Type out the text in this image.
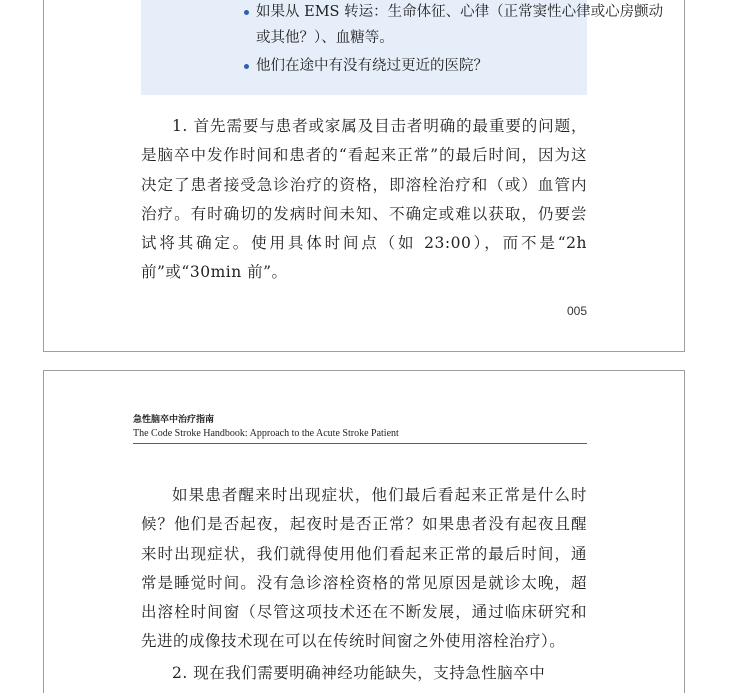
如果从 EMS 转运：生命体征、心律（正常窦性心律或心房颤动或其他？）、血糖等。
他们在途中有没有绕过更近的医院？

1. 首先需要与患者或家属及目击者明确的最重要的问题，是脑卒中发作时间和患者的“看起来正常”的最后时间，因为这决定了患者接受急诊治疗的资格，即溶栓治疗和（或）血管内治疗。有时确切的发病时间未知、不确定或难以获取，仍要尝试将其确定。使用具体时间点（如 23:00），而不是“2h 前”或“30min 前”。

005
急性脑卒中治疗指南
The Code Stroke Handbook: Approach to the Acute Stroke Patient

如果患者醒来时出现症状，他们最后看起来正常是什么时候？他们是否起夜，起夜时是否正常？如果患者没有起夜且醒来时出现症状，我们就得使用他们看起来正常的最后时间，通常是睡觉时间。没有急诊溶栓资格的常见原因是就诊太晚，超出溶栓时间窗（尽管这项技术还在不断发展，通过临床研究和先进的成像技术现在可以在传统时间窗之外使用溶栓治疗）。

2. 现在我们需要明确神经功能缺失，支持急性脑卒中
